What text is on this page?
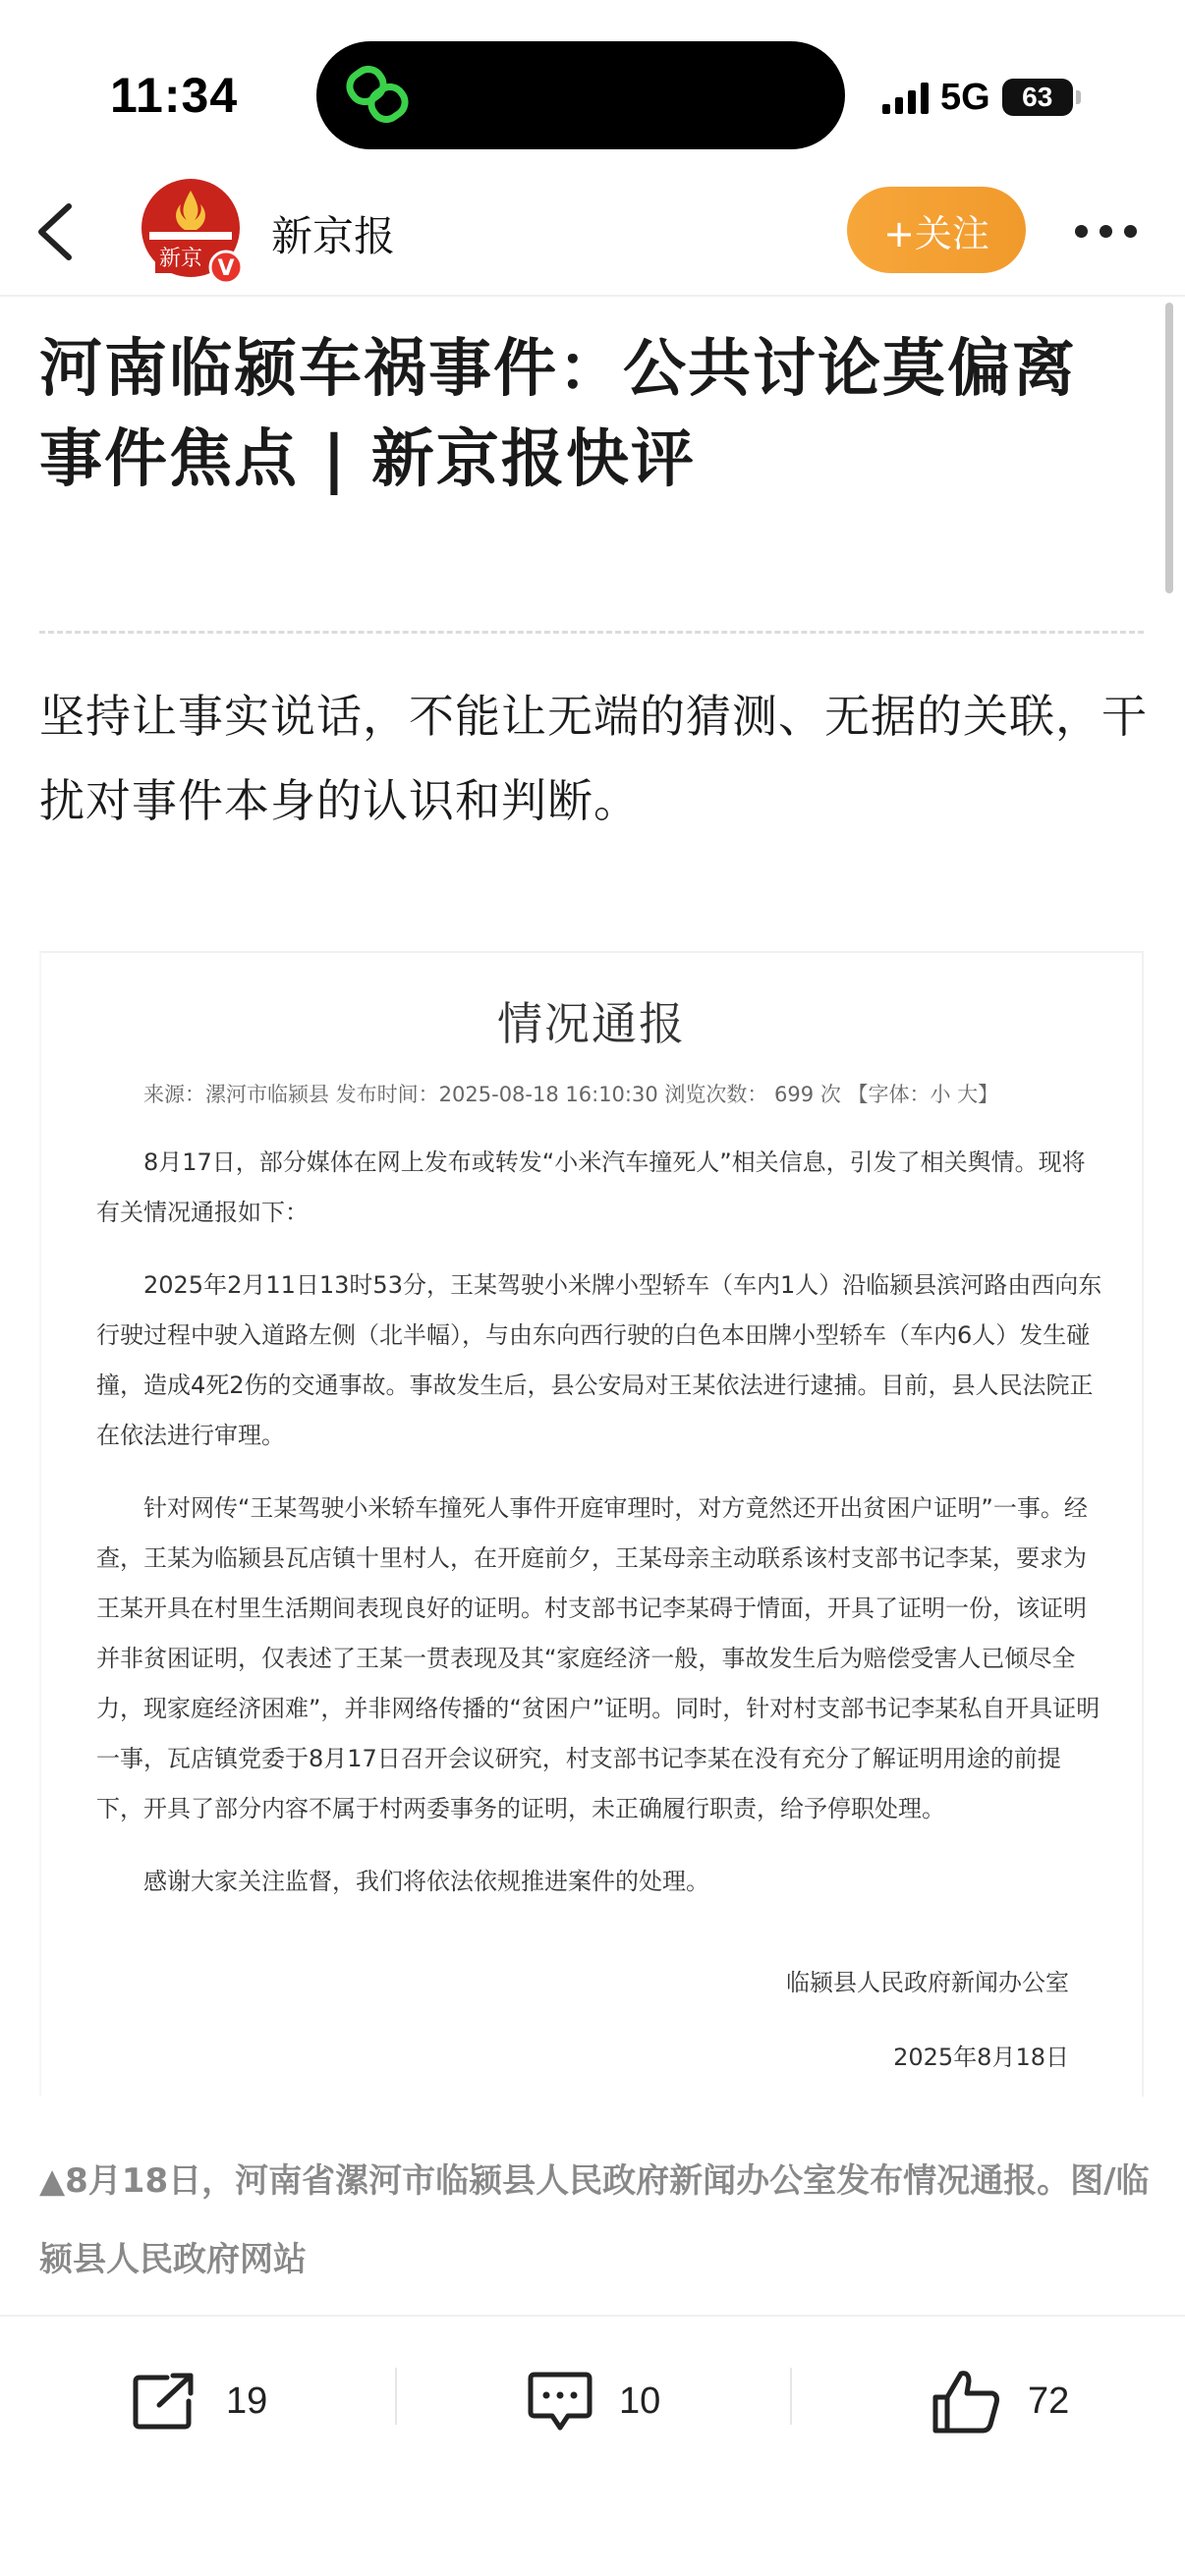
11:34	5G 63
新京 V
新京报	+关注
河南临颍车祸事件：公共讨论莫偏离事件焦点 | 新京报快评

坚持让事实说话，不能让无端的猜测、无据的关联，干扰对事件本身的认识和判断。

情况通报
来源：漯河市临颍县 发布时间：2025-08-18 16:10:30 浏览次数： 699 次 【字体：小 大】

8月17日，部分媒体在网上发布或转发“小米汽车撞死人”相关信息，引发了相关舆情。现将有关情况通报如下：

2025年2月11日13时53分，王某驾驶小米牌小型轿车（车内1人）沿临颍县滨河路由西向东行驶过程中驶入道路左侧（北半幅），与由东向西行驶的白色本田牌小型轿车（车内6人）发生碰撞，造成4死2伤的交通事故。事故发生后，县公安局对王某依法进行逮捕。目前，县人民法院正在依法进行审理。

针对网传“王某驾驶小米轿车撞死人事件开庭审理时，对方竟然还开出贫困户证明”一事。经查，王某为临颍县瓦店镇十里村人，在开庭前夕，王某母亲主动联系该村支部书记李某，要求为王某开具在村里生活期间表现良好的证明。村支部书记李某碍于情面，开具了证明一份，该证明并非贫困证明，仅表述了王某一贯表现及其“家庭经济一般，事故发生后为赔偿受害人已倾尽全力，现家庭经济困难”，并非网络传播的“贫困户”证明。同时，针对村支部书记李某私自开具证明一事，瓦店镇党委于8月17日召开会议研究，村支部书记李某在没有充分了解证明用途的前提下，开具了部分内容不属于村两委事务的证明，未正确履行职责，给予停职处理。

感谢大家关注监督，我们将依法依规推进案件的处理。

临颍县人民政府新闻办公室
2025年8月18日

▲8月18日，河南省漯河市临颍县人民政府新闻办公室发布情况通报。图/临颍县人民政府网站

19	10	72
